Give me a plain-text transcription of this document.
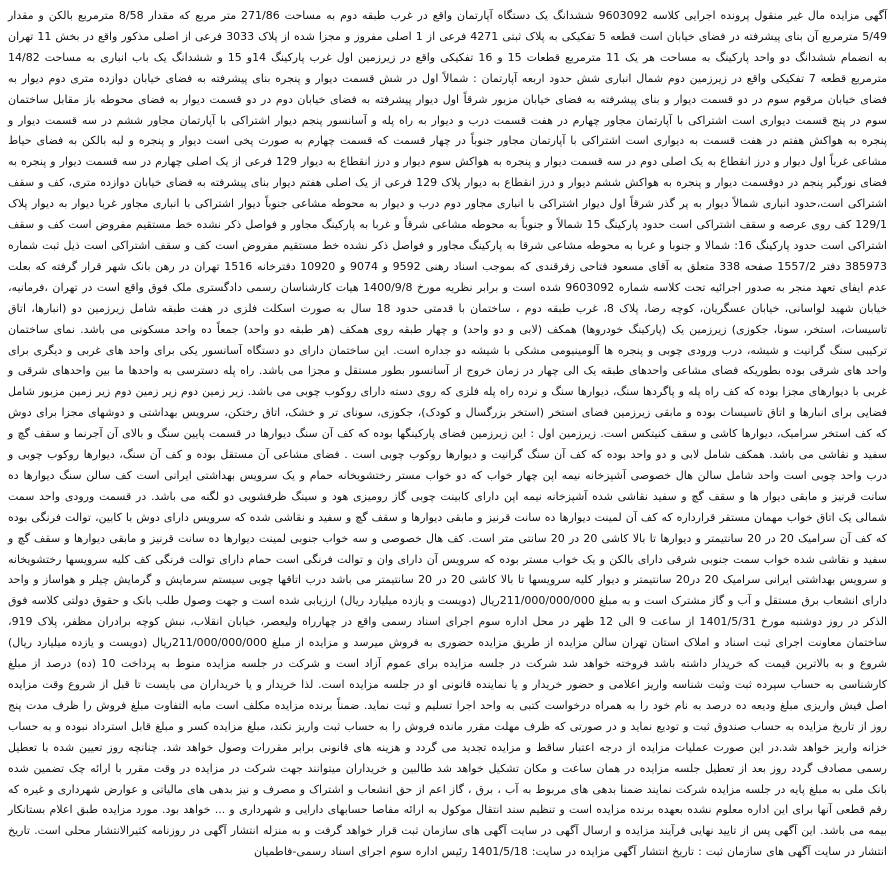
آگهی مزایده مال غیر منقول پرونده اجرایی کلاسه 9603092 ششدانگ یک دستگاه آپارتمان واقع در غرب طبقه دوم به مساحت 271/86 متر مربع که مقدار 8/58 مترمربع بالکن و مقدار 5/49 مترمربع آن بنای پیشرفته در فضای خیابان است قطعه 5 تفکیکی به پلاک ثبتی 4271 فرعی از 1 اصلی مفروز و مجزا شده از پلاک 3033 فرعی از اصلی مذکور واقع در بخش 11 تهران به انضمام ششدانگ دو واحد پارکینگ به مساحت هر یک 11 مترمربع قطعات 15 و 16 تفکیکی واقع در زیرزمین اول غرب پارکینگ 14و 15 و ششدانگ یک باب انباری به مساحت 14/82 مترمربع قطعه 7 تفکیکی واقع در زیرزمین دوم شمال انباری شش حدود اربعه آپارتمان : شمالاً اول در شش قسمت دیوار و پنجره بنای پیشرفته به فضای خیابان دوازده متری دوم دیوار به فضای خیابان مرقوم سوم در دو قسمت دیوار و بنای پیشرفته به فضای خیابان مزبور شرقاً اول دیوار پیشرفته به فضای خیابان دوم در دو قسمت دیوار به فضای محوطه باز مقابل ساختمان سوم در پنج قسمت دیواری است اشتراکی با آپارتمان مجاور چهارم در هفت قسمت درب و دیوار به راه پله و آسانسور پنجم دیوار اشتراکی با آپارتمان مجاور ششم در سه قسمت دیوار و پنجره به هواکش هفتم در هفت قسمت به دیواری است اشتراکی با آپارتمان مجاور جنوباً در چهار قسمت که قسمت چهارم به صورت پخی است دیوار و پنجره و لبه بالکن به فضای حیاط مشاعی غرباً اول دیوار و درز انقطاع به یک اصلی دوم در سه قسمت دیوار و پنجره به هواکش سوم دیوار و درز انقطاع به دیوار 129 فرعی از یک اصلی چهارم در سه قسمت دیوار و پنجره به فضای نورگیر پنجم در دوقسمت دیوار و پنجره به هواکش ششم دیوار و درز انقطاع به دیوار پلاک 129 فرعی از یک اصلی هفتم دیوار بنای پیشرفته به فضای خیابان دوازده متری، کف و سقف اشتراکی است،حدود انباری شمالاً دیوار به پر گذر شرقاً اول دیوار اشتراکی با انباری مجاور دوم درب و دیوار به محوطه مشاعی جنوباً دیوار اشتراکی با انباری مجاور غربا دیوار به دیوار پلاک 129/1 کف روی عرصه و سقف اشتراکی است حدود پارکینگ 15 شمالاً و جنوباً به محوطه مشاعی شرقاً و غربا به پارکینگ مجاور و فواصل ذکر نشده خط مستقیم مفروض است کف و سقف اشتراکی است حدود پارکینگ 16: شمالا و جنوبا و غربا به محوطه مشاعی شرقا به پارکینگ مجاور و فواصل ذکر نشده خط مستقیم مفروض است کف و سقف اشتراکی است ذیل ثبت شماره 385973 دفتر 1557/2 صفحه 338 متعلق به آقای مسعود فتاحی زفرقندی که بموجب اسناد رهنی 9592 و 9074 و 10920 دفترخانه 1516 تهران در رهن بانک شهر قرار گرفته که بعلت عدم ایفای تعهد منجر به صدور اجرائیه تحت کلاسه شماره 9603092 شده است و برابر نظریه مورخ 1400/9/8 هیات کارشناسان رسمی دادگستری ملک فوق واقع است در تهران ،فرمانیه، خیابان شهید لواسانی، خیابان عسگریان، کوچه رضا، پلاک 8، غرب طبقه دوم ، ساختمان با قدمتی حدود 18 سال به صورت اسکلت فلزی در هفت طبقه شامل زیرزمین دو (انبارها، اتاق تاسیسات، استخر، سونا، جکوزی) زیرزمین یک (پارکینگ خودروها) همکف (لابی و دو واحد) و چهار طبقه روی همکف (هر طبقه دو واحد) جمعاً ده واحد مسکونی می باشد. نمای ساختمان ترکیبی سنگ گرانیت و شیشه، درب ورودی چوبی و پنجره ها آلومینیومی مشکی با شیشه دو جداره است. این ساختمان دارای دو دستگاه آسانسور یکی برای واحد های غربی و دیگری برای واحد های شرقی بوده بطوریکه فضای مشاعی واحدهای طبقه یک الی چهار در زمان خروج از آسانسور بطور مستقل و مجزا می باشد. راه پله دسترسی به واحدها ما بین واحدهای شرقی و غربی با دیوارهای مجزا بوده که کف راه پله و پاگردها سنگ، دیوارها سنگ و نرده راه پله فلزی که روی دسته دارای روکوب چوبی می باشد. زیر زمین دوم زیر زمین دوم زیر زمین مزبور شامل فضایی برای انبارها و اتاق تاسیسات بوده و مابقی زیرزمین فضای استخر (استخر بزرگسال و کودک)، جکوزی، سونای تر و خشک، اتاق رختکن، سرویس بهداشتی و دوشهای مجزا برای دوش که کف استخر سرامیک، دیوارها کاشی و سقف کنیتکس است. زیرزمین اول : این زیرزمین فضای پارکینگها بوده که کف آن سنگ دیوارها در قسمت پایین سنگ و بالای آن آجرنما و سقف گچ و سفید و نقاشی می باشد. همکف شامل لابی و دو واحد بوده که کف آن سنگ گرانیت و دیوارها روکوب چوبی است . فضای مشاعی آن مستقل بوده و کف آن سنگ، دیوارها روکوب چوبی و درب واحد چوبی است واحد شامل سالن هال خصوصی آشپزخانه نیمه اپن چهار خواب که دو خواب مستر رختشویخانه حمام و یک سرویس بهداشتی ایرانی است کف سالن سنگ دیوارها ده سانت قرنیز و مابقی دیوار ها و سقف گچ و سفید نقاشی شده آشپزخانه نیمه اپن دارای کابینت چوبی گاز رومیزی هود و سینگ ظرفشویی دو لگنه می باشد. در قسمت ورودی واحد سمت شمالی یک اتاق خواب مهمان مستقر قرارداره که کف آن لمینت دیوارها ده سانت قرنیز و مابقی دیوارها و سقف گچ و سفید و نقاشی شده که سرویس دارای دوش با کابین، توالت فرنگی بوده که کف آن سرامیک 20 در 20 سانتیمتر و دیوارها تا بالا کاشی 20 در 20 سانتی متر است. کف هال خصوصی و سه خواب جنوبی لمینت دیوارها ده سانت قرنیز و مابقی دیوارها و سقف گچ و سفید و نقاشی شده خواب سمت جنوبی شرقی دارای بالکن و یک خواب مستر بوده که سرویس آن دارای وان و توالت فرنگی است حمام دارای توالت فرنگی کف کلیه سرویسها رختشویخانه و سرویس بهداشتی ایرانی سرامیک 20 در20 سانتیمتر و دیوار کلیه سرویسها تا بالا کاشی 20 در 20 سانتیمتر می باشد درب اتاقها چوبی سیستم سرمایش و گرمایش چیلر و هواساز و واحد دارای انشعاب برق مستقل و آب و گاز مشترک است و به مبلغ 211/000/000/000ریال (دویست و یازده میلیارد ریال) ارزیابی شده است و جهت وصول طلب بانک و حقوق دولتی کلاسه فوق الذکر در روز دوشنبه مورخ 1401/5/31 از ساعت 9 الی 12 ظهر در محل اداره سوم اجرای اسناد رسمی واقع در چهارراه ولیعصر، خیابان انقلاب، نبش کوچه برادران مظفر، پلاک 919، ساختمان معاونت اجرای ثبت اسناد و املاک استان تهران سالن مزایده از طریق مزایده حضوری به فروش میرسد و مزایده از مبلغ 211/000/000/000ریال (دویست و یازده میلیارد ریال) شروع و به بالاترین قیمت که خریدار داشته باشد فروخته خواهد شد شرکت در جلسه مزایده برای عموم آزاد است و شرکت در جلسه مزایده منوط به پرداخت 10 (ده) درصد از مبلغ کارشناسی به حساب سپرده ثبت وثبت شناسه واریز اعلامی و حضور خریدار و یا نماینده قانونی او در جلسه مزایده است. لذا خریدار و یا خریداران می بایست تا قبل از شروع وقت مزایده اصل فیش واریزی مبلغ ودیعه ده درصد به نام خود را به همراه درخواست کتبی به واحد اجرا تسلیم و ثبت نماید. ضمناً برنده مزایده مکلف است مابه التفاوت مبلغ فروش را ظرف مدت پنج روز از تاریخ مزایده به حساب صندوق ثبت و تودیع نماید و در صورتی که ظرف مهلت مقرر مانده فروش را به حساب ثبت واریز نکند، مبلغ مزایده کسر و مبلغ قابل استرداد نبوده و به حساب خزانه واریز خواهد شد.در این صورت عملیات مزایده از درجه اعتبار ساقط و مزایده تجدید می گردد و هزینه های قانونی برابر مقررات وصول خواهد شد. چنانچه روز تعیین شده با تعطیل رسمی مصادف گردد روز بعد از تعطیل جلسه مزایده در همان ساعت و مکان تشکیل خواهد شد طالبین و خریداران میتوانند جهت شرکت در مزایده در وقت مقرر با ارائه چک تضمین شده بانک ملی به مبلغ پایه در جلسه مزایده شرکت نمایند ضمنا بدهی های مربوط به آب ، برق ، گاز اعم از حق انشعاب و اشتراک و مصرف و نیز بدهی های مالیاتی و عوارض شهرداری و غیره که رقم قطعی آنها برای این اداره معلوم نشده بعهده برنده مزایده است و تنظیم سند انتقال موکول به ارائه مفاصا حسابهای دارایی و شهرداری و ... خواهد بود. مورد مزایده طبق اعلام بستانکار بیمه می باشد. این آگهی پس از تایید نهایی فرآیند مزایده و ارسال آگهی در سایت آگهی های سازمان ثبت قرار خواهد گرفت و به منزله انتشار آگهی در روزنامه کثیرالانتشار محلی است. تاریخ انتشار در سایت آگهی های سازمان ثبت : تاریخ انتشار آگهی مزایده در سایت: 1401/5/18 رئیس اداره سوم اجرای اسناد رسمی-فاطمیان
